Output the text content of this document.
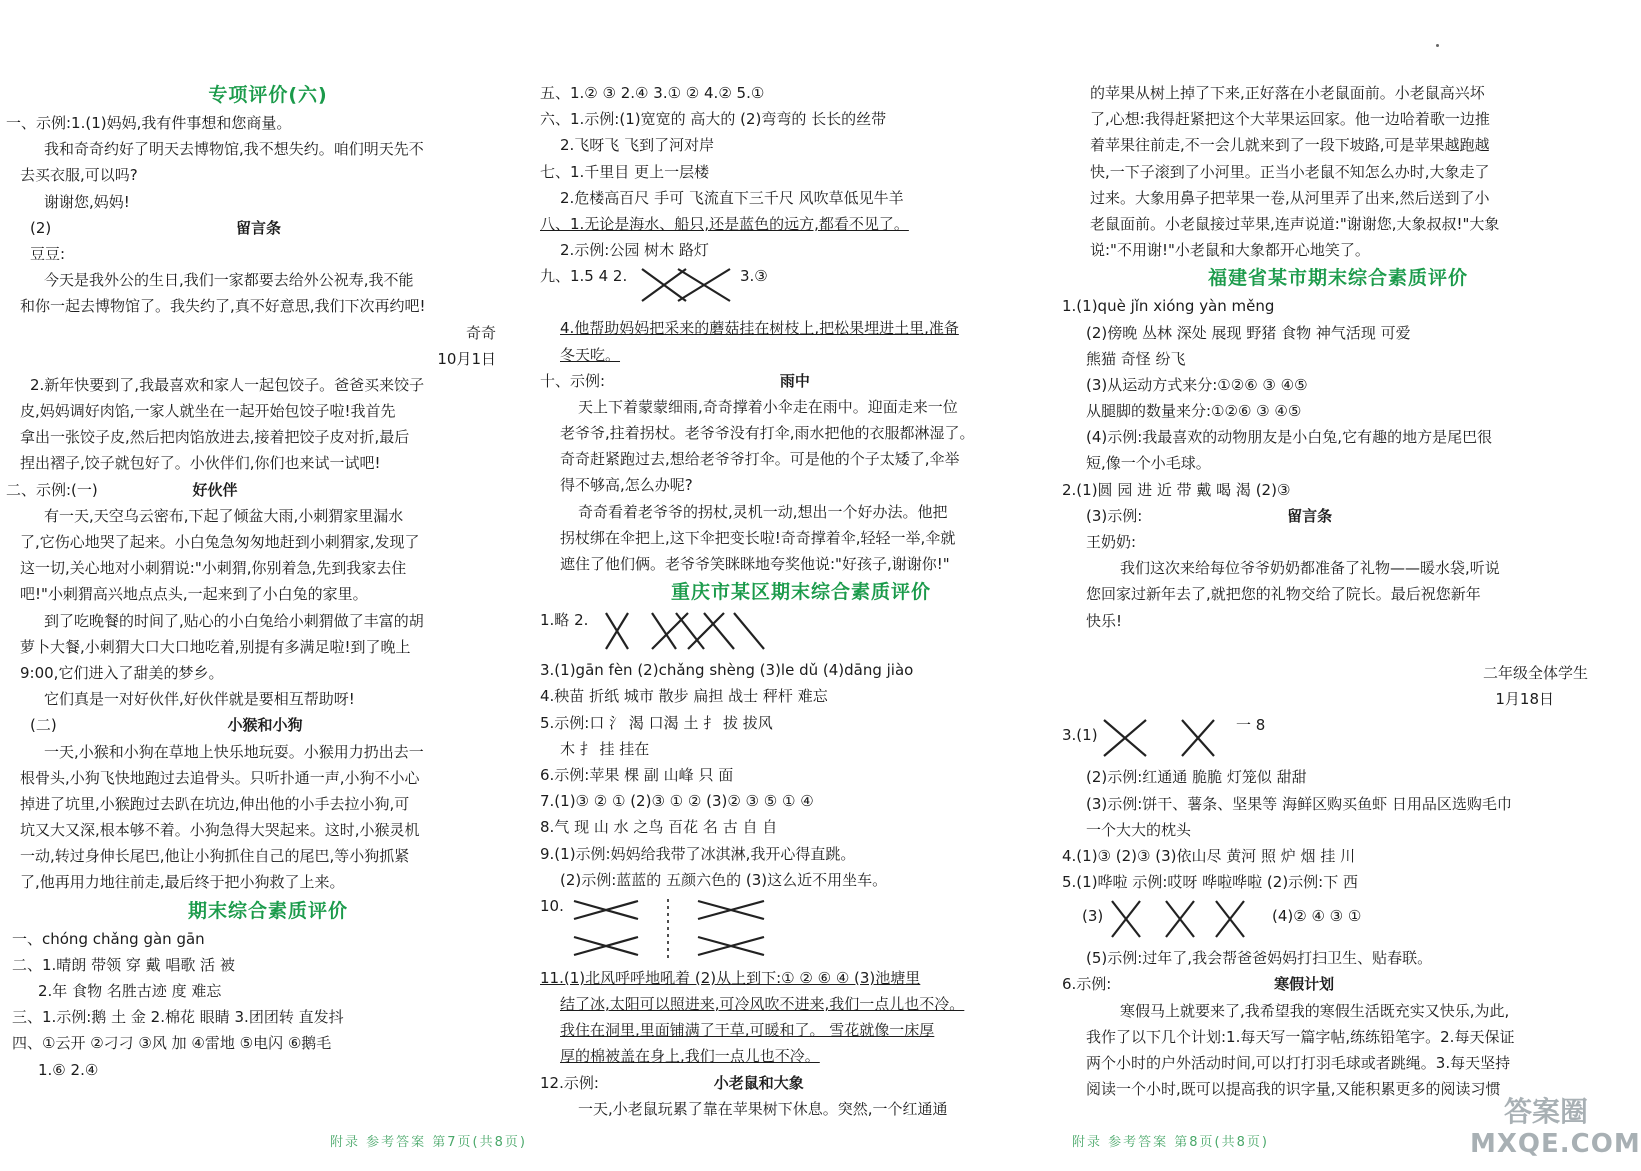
专项评价(六)
一、示例:1.(1)妈妈,我有件事想和您商量。
我和奇奇约好了明天去博物馆,我不想失约。咱们明天先不
去买衣服,可以吗?
谢谢您,妈妈!
(2)	留言条
豆豆:
今天是我外公的生日,我们一家都要去给外公祝寿,我不能
和你一起去博物馆了。我失约了,真不好意思,我们下次再约吧!
奇奇
10月1日
2.新年快要到了,我最喜欢和家人一起包饺子。爸爸买来饺子
皮,妈妈调好肉馅,一家人就坐在一起开始包饺子啦!我首先
拿出一张饺子皮,然后把肉馅放进去,接着把饺子皮对折,最后
捏出褶子,饺子就包好了。小伙伴们,你们也来试一试吧!
二、示例:(一)	好伙伴
有一天,天空乌云密布,下起了倾盆大雨,小刺猬家里漏水
了,它伤心地哭了起来。小白兔急匆匆地赶到小刺猬家,发现了
这一切,关心地对小刺猬说:"小刺猬,你别着急,先到我家去住
吧!"小刺猬高兴地点点头,一起来到了小白兔的家里。
到了吃晚餐的时间了,贴心的小白兔给小刺猬做了丰富的胡
萝卜大餐,小刺猬大口大口地吃着,别提有多满足啦!到了晚上
9:00,它们进入了甜美的梦乡。
它们真是一对好伙伴,好伙伴就是要相互帮助呀!
(二)	小猴和小狗
一天,小猴和小狗在草地上快乐地玩耍。小猴用力扔出去一
根骨头,小狗飞快地跑过去追骨头。只听扑通一声,小狗不小心
掉进了坑里,小猴跑过去趴在坑边,伸出他的小手去拉小狗,可
坑又大又深,根本够不着。小狗急得大哭起来。这时,小猴灵机
一动,转过身伸长尾巴,他让小狗抓住自己的尾巴,等小狗抓紧
了,他再用力地往前走,最后终于把小狗救了上来。
期末综合素质评价
一、chóng chǎng gàn gān
二、1.晴朗 带领 穿 戴 唱歌 活 被
2.年 食物 名胜古迹 度 难忘
三、1.示例:鹅 土 金 2.棉花 眼睛 3.团团转 直发抖
四、①云开 ②刁刁 ③风 加 ④雷地 ⑤电闪 ⑥鹅毛
1.⑥ 2.④
五、1.② ③ 2.④ 3.① ② 4.② 5.①
六、1.示例:(1)宽宽的 高大的 (2)弯弯的 长长的丝带
2.飞呀飞 飞到了河对岸
七、1.千里目 更上一层楼
2.危楼高百尺 手可 飞流直下三千尺 风吹草低见牛羊
八、1.无论是海水、船只,还是蓝色的远方,都看不见了。
2.示例:公园 树木 路灯
九、1.5 4 2.	3.③
4.他帮助妈妈把采来的蘑菇挂在树枝上,把松果埋进土里,准备
冬天吃。
十、示例:	雨中
天上下着蒙蒙细雨,奇奇撑着小伞走在雨中。迎面走来一位
老爷爷,拄着拐杖。老爷爷没有打伞,雨水把他的衣服都淋湿了。
奇奇赶紧跑过去,想给老爷爷打伞。可是他的个子太矮了,伞举
得不够高,怎么办呢?
奇奇看着老爷爷的拐杖,灵机一动,想出一个好办法。他把
拐杖绑在伞把上,这下伞把变长啦!奇奇撑着伞,轻轻一举,伞就
遮住了他们俩。老爷爷笑眯眯地夸奖他说:"好孩子,谢谢你!"
重庆市某区期末综合素质评价
1.略 2.
3.(1)gān fèn (2)chǎng shèng (3)le dǔ (4)dāng jiào
4.秧苗 折纸 城市 散步 扁担 战士 秤杆 难忘
5.示例:口 氵 渴 口渴 土 扌 拔 拔风
木 扌 挂 挂在
6.示例:苹果 棵 副 山峰 只 面
7.(1)③ ② ① (2)③ ① ② (3)② ③ ⑤ ① ④
8.气 现 山 水 之鸟 百花 名 古 自 自
9.(1)示例:妈妈给我带了冰淇淋,我开心得直跳。
(2)示例:蓝蓝的 五颜六色的 (3)这么近不用坐车。
10.
11.(1)北风呼呼地吼着 (2)从上到下:① ② ⑥ ④ (3)池塘里
结了冰,太阳可以照进来,可冷风吹不进来,我们一点儿也不冷。
我住在洞里,里面铺满了干草,可暖和了。 雪花就像一床厚
厚的棉被盖在身上,我们一点儿也不冷。
12.示例:	小老鼠和大象
一天,小老鼠玩累了靠在苹果树下休息。突然,一个红通通
的苹果从树上掉了下来,正好落在小老鼠面前。小老鼠高兴坏
了,心想:我得赶紧把这个大苹果运回家。他一边哈着歌一边推
着苹果往前走,不一会儿就来到了一段下坡路,可是苹果越跑越
快,一下子滚到了小河里。正当小老鼠不知怎么办时,大象走了
过来。大象用鼻子把苹果一卷,从河里弄了出来,然后送到了小
老鼠面前。小老鼠接过苹果,连声说道:"谢谢您,大象叔叔!"大象
说:"不用谢!"小老鼠和大象都开心地笑了。
福建省某市期末综合素质评价
1.(1)què jǐn xióng yàn měng
(2)傍晚 丛林 深处 展现 野猪 食物 神气活现 可爱
熊猫 奇怪 纷飞
(3)从运动方式来分:①②⑥ ③ ④⑤
从腿脚的数量来分:①②⑥ ③ ④⑤
(4)示例:我最喜欢的动物朋友是小白兔,它有趣的地方是尾巴很
短,像一个小毛球。
2.(1)圆 园 进 近 带 戴 喝 渴 (2)③
(3)示例:	留言条
王奶奶:
我们这次来给每位爷爷奶奶都准备了礼物——暖水袋,听说
您回家过新年去了,就把您的礼物交给了院长。最后祝您新年
快乐!
二年级全体学生
1月18日
3.(1)
一 8
(2)示例:红通通 脆脆 灯笼似 甜甜
(3)示例:饼干、薯条、坚果等 海鲜区购买鱼虾 日用品区选购毛巾
一个大大的枕头
4.(1)③ (2)③ (3)依山尽 黄河 照 炉 烟 挂 川
5.(1)哗啦 示例:哎呀 哗啦哗啦 (2)示例:下 西
(3)	(4)② ④ ③ ①
(5)示例:过年了,我会帮爸爸妈妈打扫卫生、贴春联。
6.示例:	寒假计划
寒假马上就要来了,我希望我的寒假生活既充实又快乐,为此,
我作了以下几个计划:1.每天写一篇字帖,练练铅笔字。2.每天保证
两个小时的户外活动时间,可以打打羽毛球或者跳绳。3.每天坚持
阅读一个小时,既可以提高我的识字量,又能积累更多的阅读习惯
附录 参考答案 第7页(共8页)	附录 参考答案 第8页(共8页)
答案圈
MXQE.COM
